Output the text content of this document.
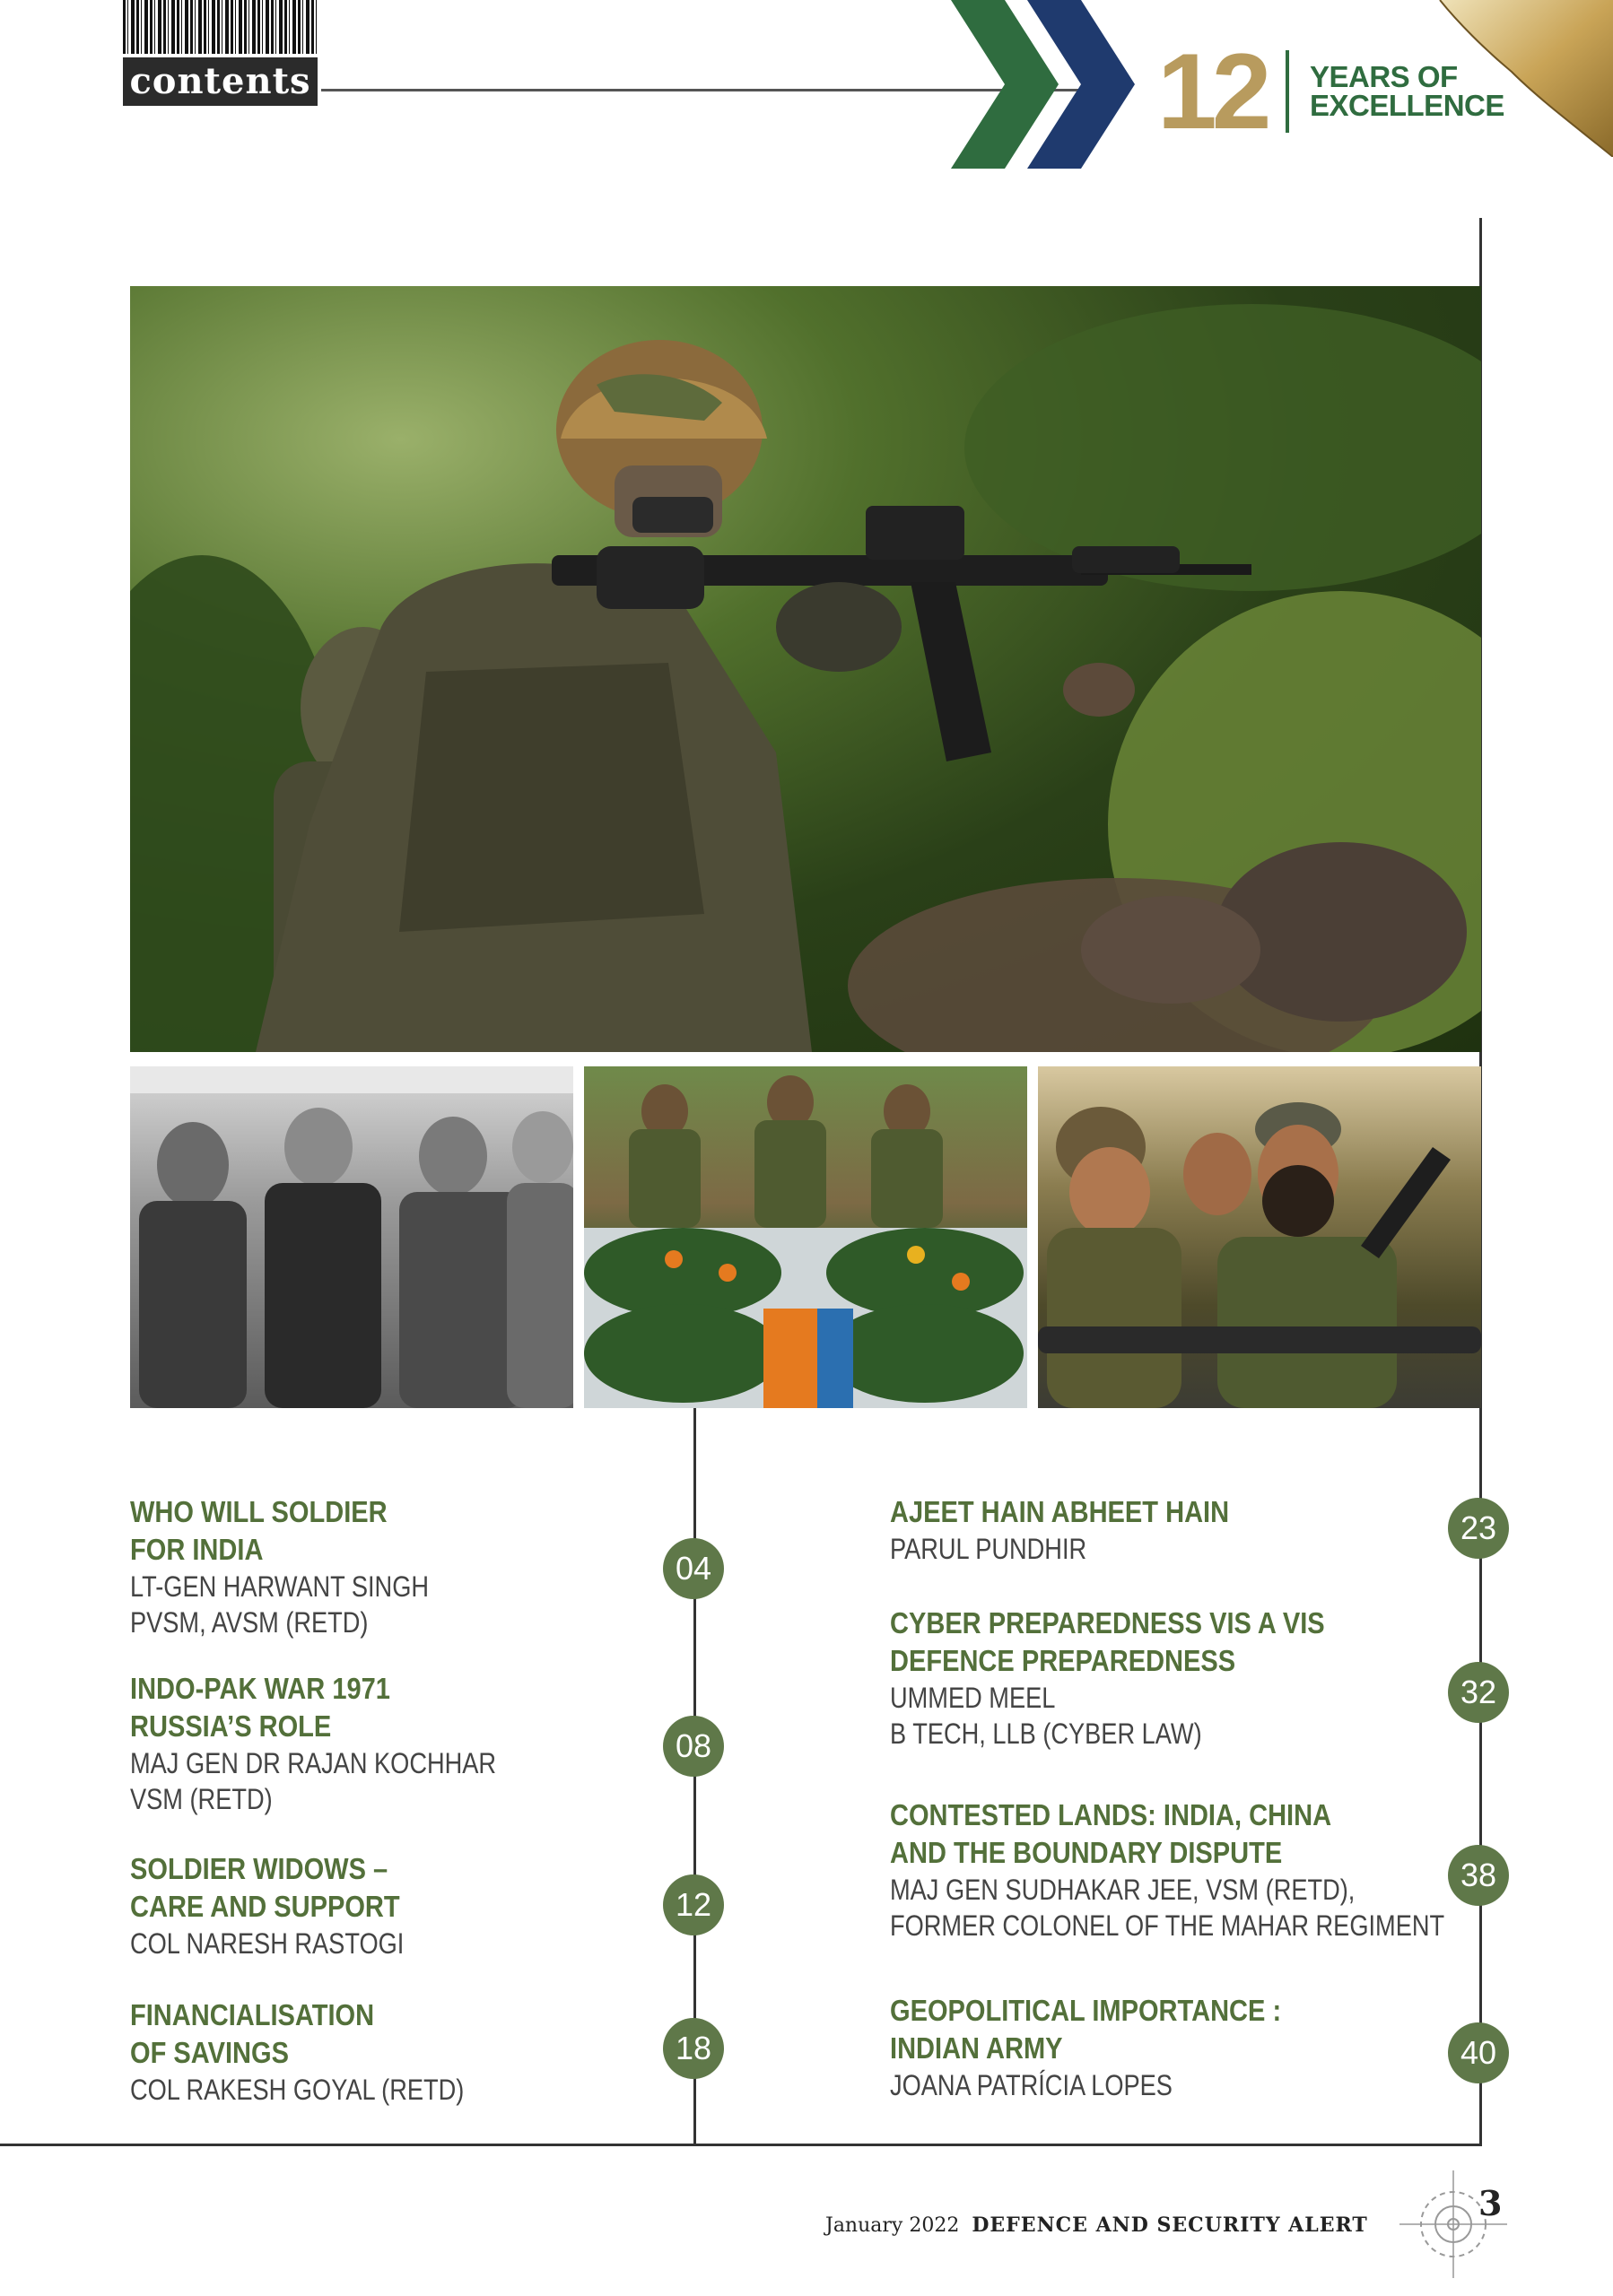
contents	12 YEARS OF
EXCELLENCE
WHO WILL SOLDIER
FOR INDIA
LT-GEN HARWANT SINGH
PVSM, AVSM (RETD)
04
INDO-PAK WAR 1971
RUSSIA’S ROLE
MAJ GEN DR RAJAN KOCHHAR
VSM (RETD)
08
SOLDIER WIDOWS –
CARE AND SUPPORT
COL NARESH RASTOGI
12
FINANCIALISATION
OF SAVINGS
COL RAKESH GOYAL (RETD)
18
AJEET HAIN ABHEET HAIN
PARUL PUNDHIR
23
CYBER PREPAREDNESS VIS A VIS
DEFENCE PREPAREDNESS
UMMED MEEL
B TECH, LLB (CYBER LAW)
32
CONTESTED LANDS: INDIA, CHINA
AND THE BOUNDARY DISPUTE
MAJ GEN SUDHAKAR JEE, VSM (RETD),
FORMER COLONEL OF THE MAHAR REGIMENT
38
GEOPOLITICAL IMPORTANCE :
INDIAN ARMY
JOANA PATRÍCIA LOPES
40
January 2022 DEFENCE AND SECURITY ALERT
3
